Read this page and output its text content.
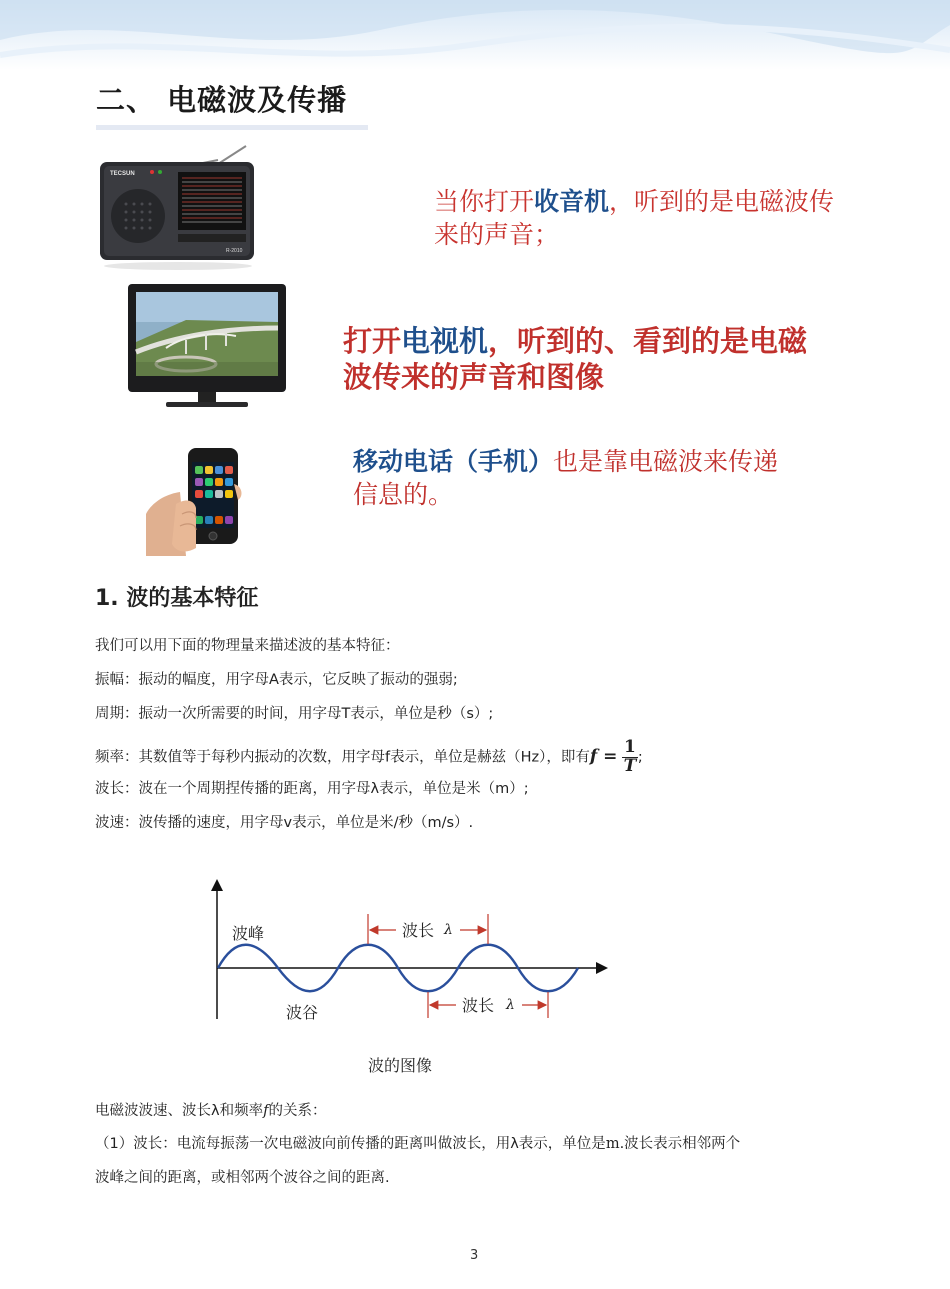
二、 电磁波及传播
TECSUN
R-2010
当你打开收音机，听到的是电磁波传来的声音；
打开电视机，听到的、看到的是电磁波传来的声音和图像
移动电话（手机）也是靠电磁波来传递信息的。
1. 波的基本特征
我们可以用下面的物理量来描述波的基本特征：
振幅：振动的幅度，用字母A表示，它反映了振动的强弱;
周期：振动一次所需要的时间，用字母T表示，单位是秒（s）;
频率：其数值等于每秒内振动的次数，用字母f表示，单位是赫兹（Hz），即有$f = \frac{1}{T}$ ;
波长：波在一个周期捏传播的距离，用字母λ表示，单位是米（m）;
波速：波传播的速度，用字母v表示，单位是米/秒（m/s）.
波长 λ
波长 λ
波峰
波谷
波的图像
电磁波波速、波长λ和频率f的关系：
（1）波长：电流每振荡一次电磁波向前传播的距离叫做波长，用λ表示，单位是m.波长表示相邻两个
波峰之间的距离，或相邻两个波谷之间的距离.
3
